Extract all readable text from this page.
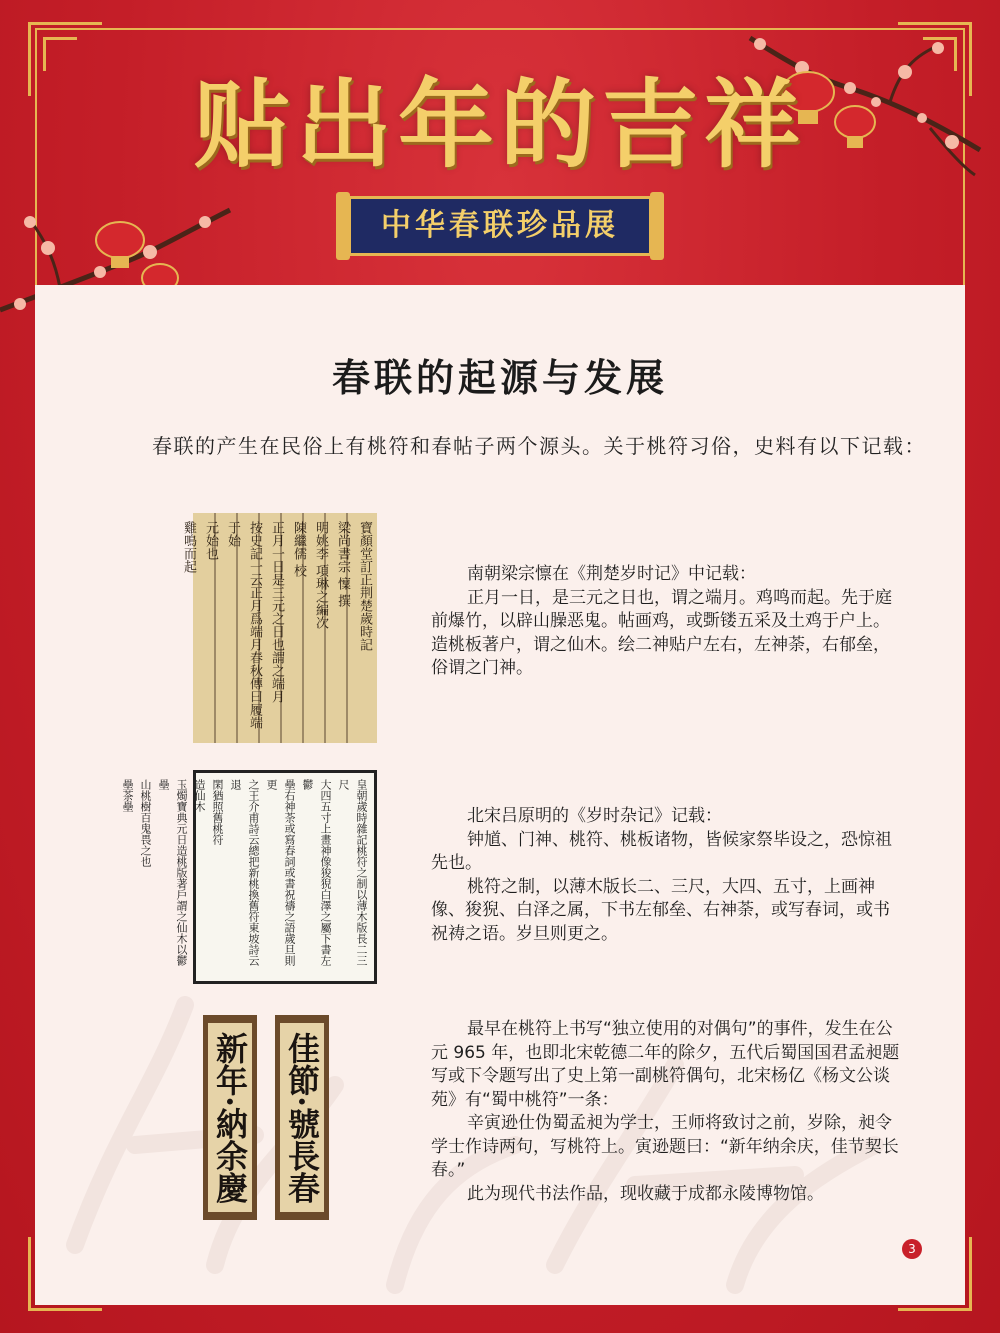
贴出年的吉祥
中华春联珍品展
春联的起源与发展
春联的产生在民俗上有桃符和春帖子两个源头。关于桃符习俗，史料有以下记载：
寶顏堂訂正荆楚歲時記
梁尚書宗 懍 撰
明姚李 項琳之編次
陳繼儒 校
正月一日是三元之日也謂之端月
按史記一云正月爲端月春秋傳曰履端于始
元始也
雞鳴而起
皇朝歲時雜記桃符之制以薄木版長二三尺
大四五寸上畫神像狻猊白澤之屬下書左鬱
壘右神荼或寫春詞或書祝禱之語歲旦則更
之王介甫詩云總把新桃換舊符東坡詩云退
閑猶照舊桃符
造仙木
玉燭寶典元日造桃版著戶謂之仙木以鬱壘
山桃樹百鬼畏之也
壘茶壘
新年·納余慶 佳節·號長春

南朝梁宗懔在《荆楚岁时记》中记载：

正月一日，是三元之日也，谓之端月。鸡鸣而起。先于庭前爆竹，以辟山臊恶鬼。帖画鸡，或斲镂五采及土鸡于户上。造桃板著户，谓之仙木。绘二神贴户左右，左神荼，右郁垒，俗谓之门神。

北宋吕原明的《岁时杂记》记载：

钟馗、门神、桃符、桃板诸物，皆候家祭毕设之，恐惊祖先也。

桃符之制，以薄木版长二、三尺，大四、五寸，上画神像、狻猊、白泽之属，下书左郁垒、右神荼，或写春词，或书祝祷之语。岁旦则更之。

最早在桃符上书写“独立使用的对偶句”的事件，发生在公元 965 年，也即北宋乾德二年的除夕，五代后蜀国国君孟昶题写或下令题写出了史上第一副桃符偶句，北宋杨亿《杨文公谈苑》有“蜀中桃符”一条：

辛寅逊仕伪蜀孟昶为学士，王师将致讨之前，岁除，昶令学士作诗两句，写桃符上。寅逊题曰：“新年纳余庆，佳节契长春。”

此为现代书法作品，现收藏于成都永陵博物馆。

3
